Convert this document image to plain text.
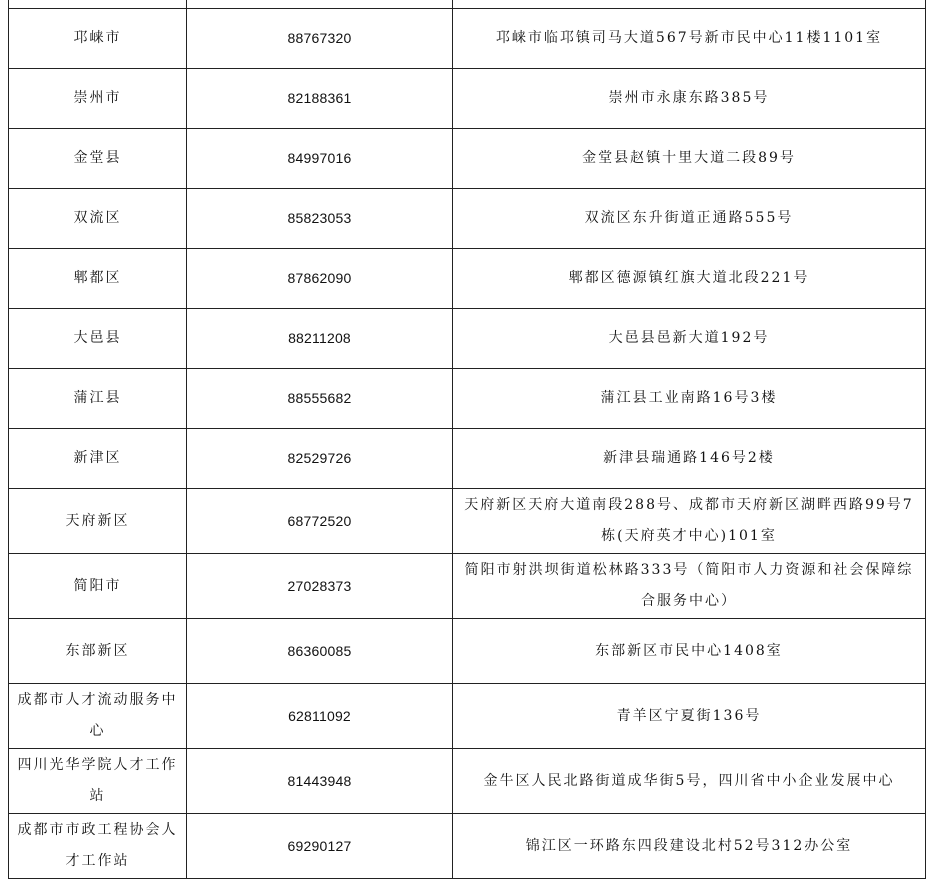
邛崃市	88767320	邛崃市临邛镇司马大道567号新市民中心11楼1101室
崇州市	82188361	崇州市永康东路385号
金堂县	84997016	金堂县赵镇十里大道二段89号
双流区	85823053	双流区东升街道正通路555号
郫都区	87862090	郫都区德源镇红旗大道北段221号
大邑县	88211208	大邑县邑新大道192号
蒲江县	88555682	蒲江县工业南路16号3楼
新津区	82529726	新津县瑞通路146号2楼
天府新区	68772520	天府新区天府大道南段288号、成都市天府新区湖畔西路99号7栋(天府英才中心)101室
简阳市	27028373	简阳市射洪坝街道松林路333号（简阳市人力资源和社会保障综合服务中心）
东部新区	86360085	东部新区市民中心1408室
成都市人才流动服务中心	62811092	青羊区宁夏街136号
四川光华学院人才工作站	81443948	金牛区人民北路街道成华街5号，四川省中小企业发展中心
成都市市政工程协会人才工作站	69290127	锦江区一环路东四段建设北村52号312办公室
